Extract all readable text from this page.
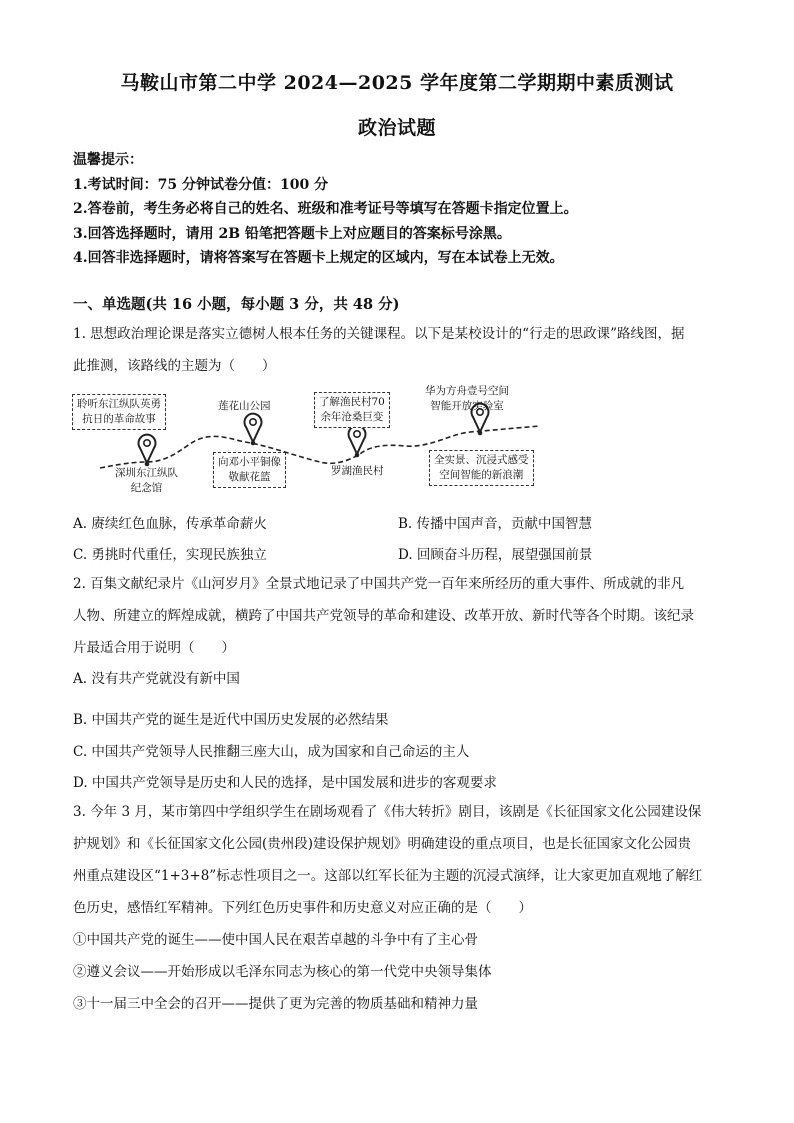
马鞍山市第二中学 2024—2025 学年度第二学期期中素质测试
政治试题
温馨提示：
1.考试时间：75 分钟试卷分值：100 分
2.答卷前，考生务必将自己的姓名、班级和准考证号等填写在答题卡指定位置上。
3.回答选择题时，请用 2B 铅笔把答题卡上对应题目的答案标号涂黑。
4.回答非选择题时，请将答案写在答题卡上规定的区域内，写在本试卷上无效。
一、单选题(共 16 小题，每小题 3 分，共 48 分)
1. 思想政治理论课是落实立德树人根本任务的关键课程。以下是某校设计的“行走的思政课”路线图，据
此推测，该路线的主题为（　　）
聆听东江纵队英勇
抗日的革命故事
莲花山公园	了解渔民村70
余年沧桑巨变
华为方舟壹号空间
智能开放实验室
深圳东江纵队
纪念馆
向邓小平铜像
敬献花篮	罗湖渔民村
全实景、沉浸式感受
空间智能的新浪潮
A. 赓续红色血脉，传承革命薪火	B. 传播中国声音，贡献中国智慧
C. 勇挑时代重任，实现民族独立	D. 回顾奋斗历程，展望强国前景
2. 百集文献纪录片《山河岁月》全景式地记录了中国共产党一百年来所经历的重大事件、所成就的非凡
人物、所建立的辉煌成就，横跨了中国共产党领导的革命和建设、改革开放、新时代等各个时期。该纪录
片最适合用于说明（　　）
A. 没有共产党就没有新中国
B. 中国共产党的诞生是近代中国历史发展的必然结果
C. 中国共产党领导人民推翻三座大山，成为国家和自己命运的主人
D. 中国共产党领导是历史和人民的选择，是中国发展和进步的客观要求
3. 今年 3 月，某市第四中学组织学生在剧场观看了《伟大转折》剧目，该剧是《长征国家文化公园建设保
护规划》和《长征国家文化公园(贵州段)建设保护规划》明确建设的重点项目，也是长征国家文化公园贵
州重点建设区“1+3+8”标志性项目之一。这部以红军长征为主题的沉浸式演绎，让大家更加直观地了解红
色历史，感悟红军精神。下列红色历史事件和历史意义对应正确的是（　　）
①中国共产党的诞生——使中国人民在艰苦卓越的斗争中有了主心骨
②遵义会议——开始形成以毛泽东同志为核心的第一代党中央领导集体
③十一届三中全会的召开——提供了更为完善的物质基础和精神力量
